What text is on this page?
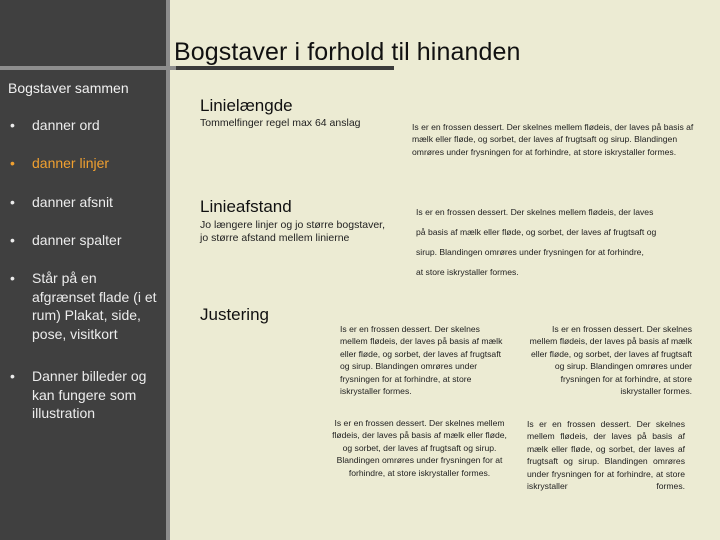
Bogstaver i forhold til hinanden
Bogstaver sammen
• danner ord
• danner linjer
• danner afsnit
• danner spalter
• Står på en afgrænset flade (i et rum) Plakat, side, pose, visitkort
• Danner billeder og kan fungere som illustration
Linielængde
Tommelfinger regel max 64 anslag	Is er en frossen dessert. Der skelnes mellem flødeis, der laves på basis af mælk eller fløde, og sorbet, der laves af frugtsaft og sirup. Blandingen omrøres under frysningen for at forhindre, at store iskrystaller formes.
Linieafstand
Jo længere linjer og jo større bogstaver, jo større afstand mellem linierne
Is er en frossen dessert. Der skelnes mellem flødeis, der laves
på basis af mælk eller fløde, og sorbet, der laves af frugtsaft og
sirup. Blandingen omrøres under frysningen for at forhindre,
at store iskrystaller formes.
Justering
Is er en frossen dessert. Der skelnes mellem flødeis, der laves på basis af mælk eller fløde, og sorbet, der laves af frugtsaft og sirup. Blandingen omrøres under frysningen for at forhindre, at store iskrystaller formes.
Is er en frossen dessert. Der skelnes mellem flødeis, der laves på basis af mælk eller fløde, og sorbet, der laves af frugtsaft og sirup. Blandingen omrøres under frysningen for at forhindre, at store iskrystaller formes.
Is er en frossen dessert. Der skelnes mellem flødeis, der laves på basis af mælk eller fløde, og sorbet, der laves af frugtsaft og sirup. Blandingen omrøres under frysningen for at forhindre, at store iskrystaller formes.
Is er en frossen dessert. Der skelnes mellem flødeis, der laves på basis af mælk eller fløde, og sorbet, der laves af frugtsaft og sirup. Blandingen omrøres under frysningen for at forhindre, at store iskrystaller formes.
